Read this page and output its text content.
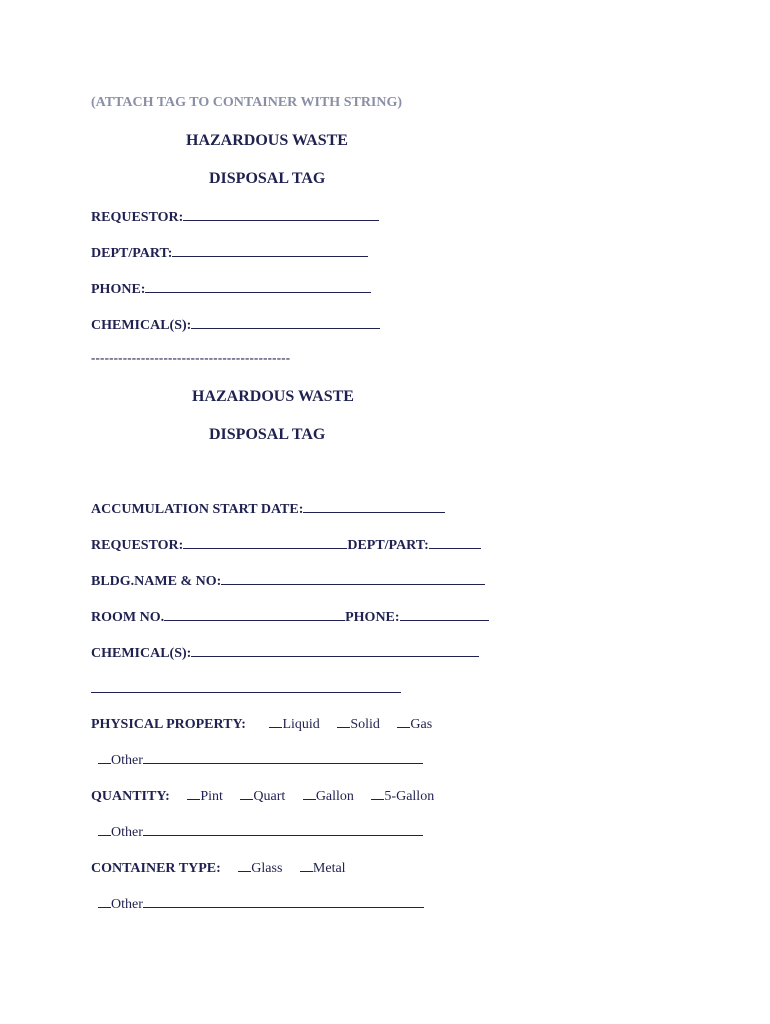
(ATTACH TAG TO CONTAINER WITH STRING)
HAZARDOUS WASTE
DISPOSAL TAG
REQUESTOR:
DEPT/PART:
PHONE:
CHEMICAL(S):
--------------------------------------------
HAZARDOUS WASTE
DISPOSAL TAG
ACCUMULATION START DATE:
REQUESTOR:	DEPT/PART:
BLDG.NAME & NO:
ROOM NO.	PHONE:
CHEMICAL(S):
PHYSICAL PROPERTY:	Liquid Solid Gas
Other
QUANTITY: Pint Quart Gallon 5-Gallon
Other
CONTAINER TYPE: Glass Metal
Other
